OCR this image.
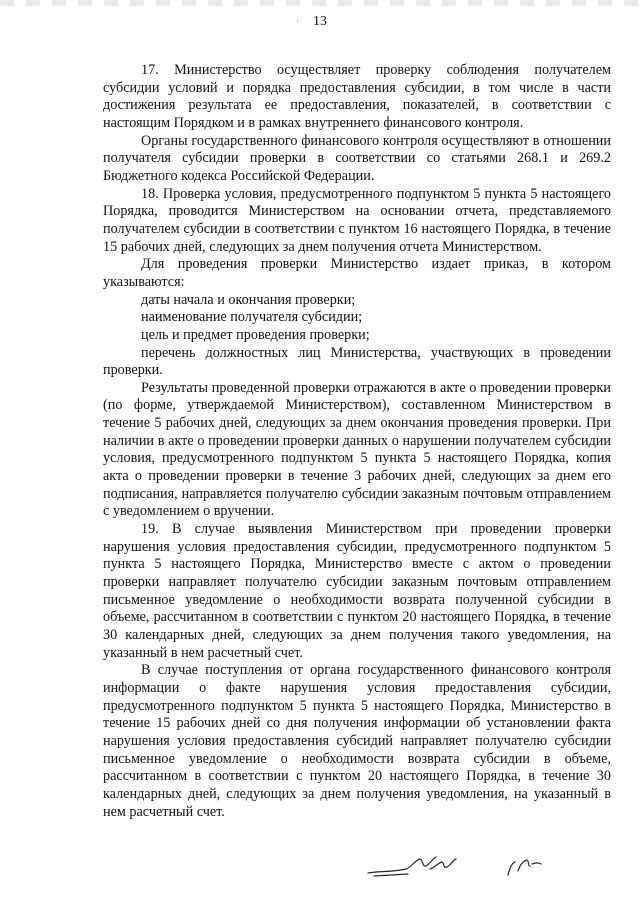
· 13

17. Министерство осуществляет проверку соблюдения получателем субсидии условий и порядка предоставления субсидии, в том числе в части достижения результата ее предоставления, показателей, в соответствии с настоящим Порядком и в рамках внутреннего финансового контроля.

Органы государственного финансового контроля осуществляют в отношении получателя субсидии проверки в соответствии со статьями 268.1 и 269.2 Бюджетного кодекса Российской Федерации.

18. Проверка условия, предусмотренного подпунктом 5 пункта 5 настоящего Порядка, проводится Министерством на основании отчета, представляемого получателем субсидии в соответствии с пунктом 16 настоящего Порядка, в течение 15 рабочих дней, следующих за днем получения отчета Министерством.

Для проведения проверки Министерство издает приказ, в котором указываются:

даты начала и окончания проверки;

наименование получателя субсидии;

цель и предмет проведения проверки;

перечень должностных лиц Министерства, участвующих в проведении проверки.

Результаты проведенной проверки отражаются в акте о проведении проверки (по форме, утверждаемой Министерством), составленном Министерством в течение 5 рабочих дней, следующих за днем окончания проведения проверки. При наличии в акте о проведении проверки данных о нарушении получателем субсидии условия, предусмотренного подпунктом 5 пункта 5 настоящего Порядка, копия акта о проведении проверки в течение 3 рабочих дней, следующих за днем его подписания, направляется получателю субсидии заказным почтовым отправлением с уведомлением о вручении.

19. В случае выявления Министерством при проведении проверки нарушения условия предоставления субсидии, предусмотренного подпунктом 5 пункта 5 настоящего Порядка, Министерство вместе с актом о проведении проверки направляет получателю субсидии заказным почтовым отправлением письменное уведомление о необходимости возврата полученной субсидии в объеме, рассчитанном в соответствии с пунктом 20 настоящего Порядка, в течение 30 календарных дней, следующих за днем получения такого уведомления, на указанный в нем расчетный счет.

В случае поступления от органа государственного финансового контроля информации о факте нарушения условия предоставления субсидии, предусмотренного подпунктом 5 пункта 5 настоящего Порядка, Министерство в течение 15 рабочих дней со дня получения информации об установлении факта нарушения условия предоставления субсидий направляет получателю субсидии письменное уведомление о необходимости возврата субсидии в объеме, рассчитанном в соответствии с пунктом 20 настоящего Порядка, в течение 30 календарных дней, следующих за днем получения уведомления, на указанный в нем расчетный счет.
